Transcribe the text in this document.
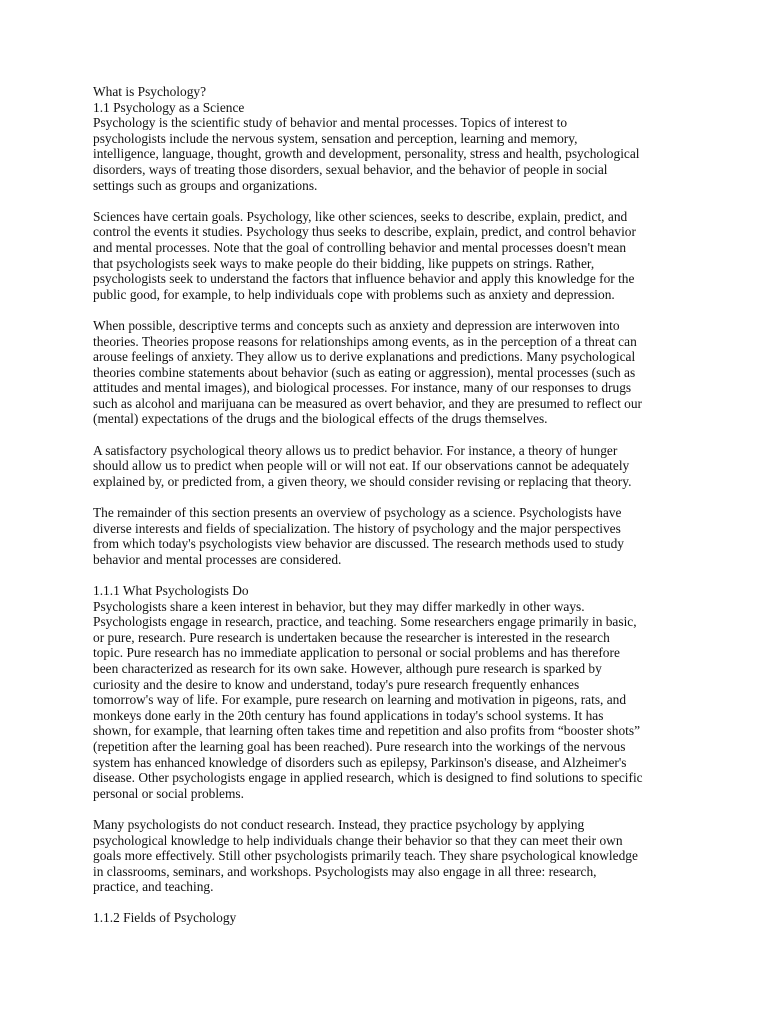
What is Psychology?
1.1 Psychology as a Science
Psychology is the scientific study of behavior and mental processes. Topics of interest to
psychologists include the nervous system, sensation and perception, learning and memory,
intelligence, language, thought, growth and development, personality, stress and health, psychological
disorders, ways of treating those disorders, sexual behavior, and the behavior of people in social
settings such as groups and organizations.
Sciences have certain goals. Psychology, like other sciences, seeks to describe, explain, predict, and
control the events it studies. Psychology thus seeks to describe, explain, predict, and control behavior
and mental processes. Note that the goal of controlling behavior and mental processes doesn't mean
that psychologists seek ways to make people do their bidding, like puppets on strings. Rather,
psychologists seek to understand the factors that influence behavior and apply this knowledge for the
public good, for example, to help individuals cope with problems such as anxiety and depression.
When possible, descriptive terms and concepts such as anxiety and depression are interwoven into
theories. Theories propose reasons for relationships among events, as in the perception of a threat can
arouse feelings of anxiety. They allow us to derive explanations and predictions. Many psychological
theories combine statements about behavior (such as eating or aggression), mental processes (such as
attitudes and mental images), and biological processes. For instance, many of our responses to drugs
such as alcohol and marijuana can be measured as overt behavior, and they are presumed to reflect our
(mental) expectations of the drugs and the biological effects of the drugs themselves.
A satisfactory psychological theory allows us to predict behavior. For instance, a theory of hunger
should allow us to predict when people will or will not eat. If our observations cannot be adequately
explained by, or predicted from, a given theory, we should consider revising or replacing that theory.
The remainder of this section presents an overview of psychology as a science. Psychologists have
diverse interests and fields of specialization. The history of psychology and the major perspectives
from which today's psychologists view behavior are discussed. The research methods used to study
behavior and mental processes are considered.
1.1.1 What Psychologists Do
Psychologists share a keen interest in behavior, but they may differ markedly in other ways.
Psychologists engage in research, practice, and teaching. Some researchers engage primarily in basic,
or pure, research. Pure research is undertaken because the researcher is interested in the research
topic. Pure research has no immediate application to personal or social problems and has therefore
been characterized as research for its own sake. However, although pure research is sparked by
curiosity and the desire to know and understand, today's pure research frequently enhances
tomorrow's way of life. For example, pure research on learning and motivation in pigeons, rats, and
monkeys done early in the 20th century has found applications in today's school systems. It has
shown, for example, that learning often takes time and repetition and also profits from “booster shots”
(repetition after the learning goal has been reached). Pure research into the workings of the nervous
system has enhanced knowledge of disorders such as epilepsy, Parkinson's disease, and Alzheimer's
disease. Other psychologists engage in applied research, which is designed to find solutions to specific
personal or social problems.
Many psychologists do not conduct research. Instead, they practice psychology by applying
psychological knowledge to help individuals change their behavior so that they can meet their own
goals more effectively. Still other psychologists primarily teach. They share psychological knowledge
in classrooms, seminars, and workshops. Psychologists may also engage in all three: research,
practice, and teaching.
1.1.2 Fields of Psychology
